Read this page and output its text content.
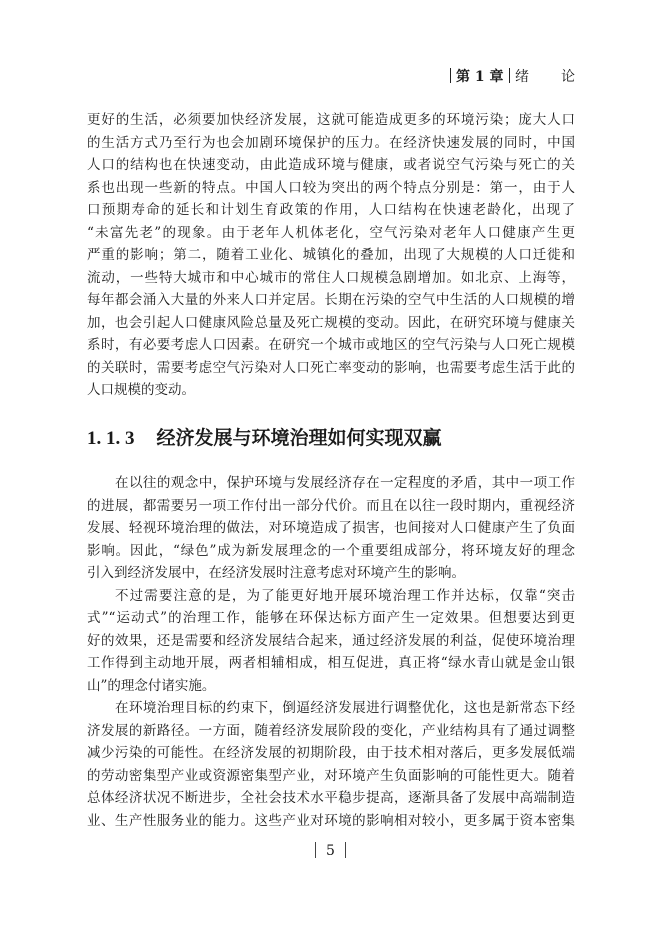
第 1 章 绪 论
更好的生活，必须要加快经济发展，这就可能造成更多的环境污染；庞大人口
的生活方式乃至行为也会加剧环境保护的压力。在经济快速发展的同时，中国
人口的结构也在快速变动，由此造成环境与健康，或者说空气污染与死亡的关
系也出现一些新的特点。中国人口较为突出的两个特点分别是：第一，由于人
口预期寿命的延长和计划生育政策的作用，人口结构在快速老龄化，出现了
“未富先老”的现象。由于老年人机体老化，空气污染对老年人口健康产生更
严重的影响；第二，随着工业化、城镇化的叠加，出现了大规模的人口迁徙和
流动，一些特大城市和中心城市的常住人口规模急剧增加。如北京、上海等，
每年都会涌入大量的外来人口并定居。长期在污染的空气中生活的人口规模的增
加，也会引起人口健康风险总量及死亡规模的变动。因此，在研究环境与健康关
系时，有必要考虑人口因素。在研究一个城市或地区的空气污染与人口死亡规模
的关联时，需要考虑空气污染对人口死亡率变动的影响，也需要考虑生活于此的
人口规模的变动。
1. 1. 3 经济发展与环境治理如何实现双赢
在以往的观念中，保护环境与发展经济存在一定程度的矛盾，其中一项工作
的进展，都需要另一项工作付出一部分代价。而且在以往一段时期内，重视经济
发展、轻视环境治理的做法，对环境造成了损害，也间接对人口健康产生了负面
影响。因此，“绿色”成为新发展理念的一个重要组成部分，将环境友好的理念
引入到经济发展中，在经济发展时注意考虑对环境产生的影响。
不过需要注意的是，为了能更好地开展环境治理工作并达标，仅靠“突击
式”“运动式”的治理工作，能够在环保达标方面产生一定效果。但想要达到更
好的效果，还是需要和经济发展结合起来，通过经济发展的利益，促使环境治理
工作得到主动地开展，两者相辅相成，相互促进，真正将“绿水青山就是金山银
山”的理念付诸实施。
在环境治理目标的约束下，倒逼经济发展进行调整优化，这也是新常态下经
济发展的新路径。一方面，随着经济发展阶段的变化，产业结构具有了通过调整
减少污染的可能性。在经济发展的初期阶段，由于技术相对落后，更多发展低端
的劳动密集型产业或资源密集型产业，对环境产生负面影响的可能性更大。随着
总体经济状况不断进步，全社会技术水平稳步提高，逐渐具备了发展中高端制造
业、生产性服务业的能力。这些产业对环境的影响相对较小，更多属于资本密集
5
